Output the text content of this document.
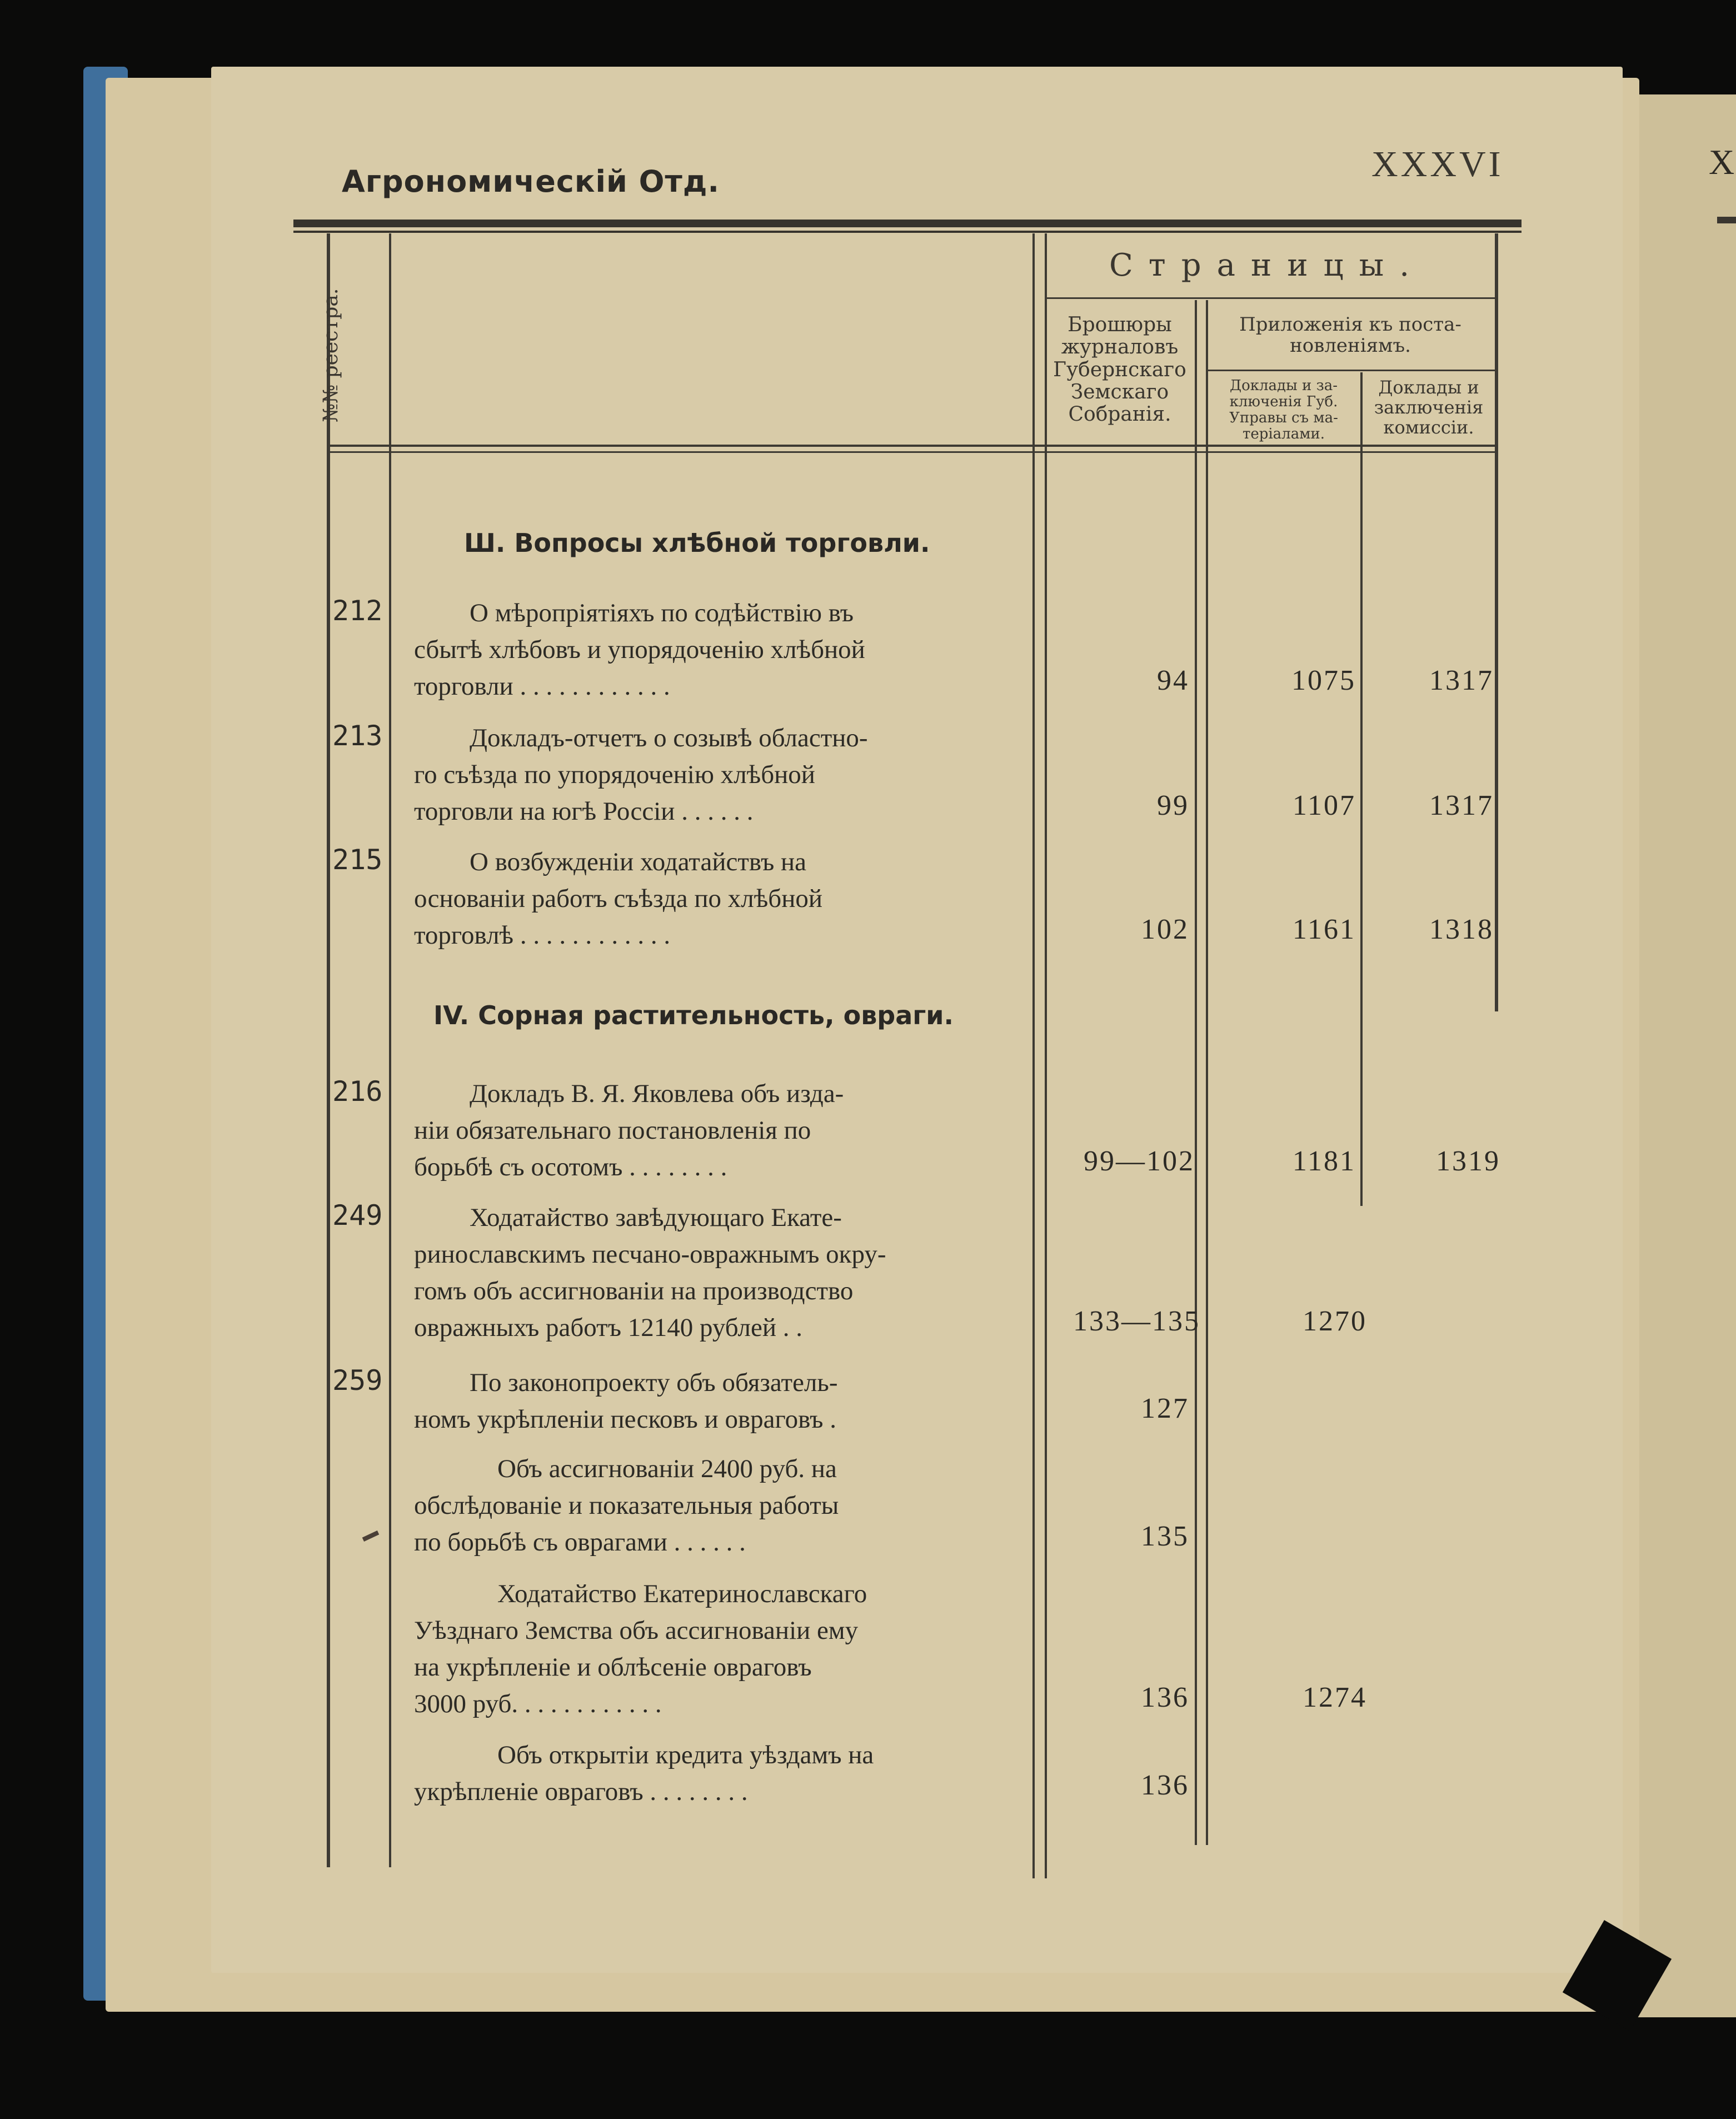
X
Агрономическій Отд.	XXXVI
№№ реестра.
Страницы.
Брошюры
журналовъ
Губернскаго
Земскаго
Собранія.
Приложенія къ поста-
новленіямъ.
Доклады и за-
ключенія Губ.
Управы съ ма-
теріалами.
Доклады и
заключенія
комиссіи.
Ш. Вопросы хлѣбной торговли.
212	О мѣропріятіяхъ по содѣйствію въ
сбытѣ хлѣбовъ и упорядоченію хлѣбной
торговли . . . . . . . . . . . .	94	1075	1317
213	Докладъ-отчетъ о созывѣ областно-
го съѣзда по упорядоченію хлѣбной
торговли на югѣ Россіи . . . . . .	99	1107	1317
215	О возбужденіи ходатайствъ на
основаніи работъ съѣзда по хлѣбной
торговлѣ . . . . . . . . . . . .	102	1161	1318
IV. Сорная растительность, овраги.
216	Докладъ В. Я. Яковлева объ изда-
ніи обязательнаго постановленія по
борьбѣ съ осотомъ . . . . . . . .	99—102	1181	1319
249	Ходатайство завѣдующаго Екате-
ринославскимъ песчано-овражнымъ окру-
гомъ объ ассигнованіи на производство
овражныхъ работъ 12140 рублей . .	133—135	1270
259	По законопроекту объ обязатель-
номъ укрѣпленіи песковъ и овраговъ .	127
Объ ассигнованіи 2400 руб. на
обслѣдованіе и показательныя работы
по борьбѣ съ оврагами . . . . . .	135
Ходатайство Екатеринославскаго
Уѣзднаго Земства объ ассигнованіи ему
на укрѣпленіе и облѣсеніе овраговъ
3000 руб. . . . . . . . . . . .	136	1274
Объ открытіи кредита уѣздамъ на
укрѣпленіе овраговъ . . . . . . . .	136
